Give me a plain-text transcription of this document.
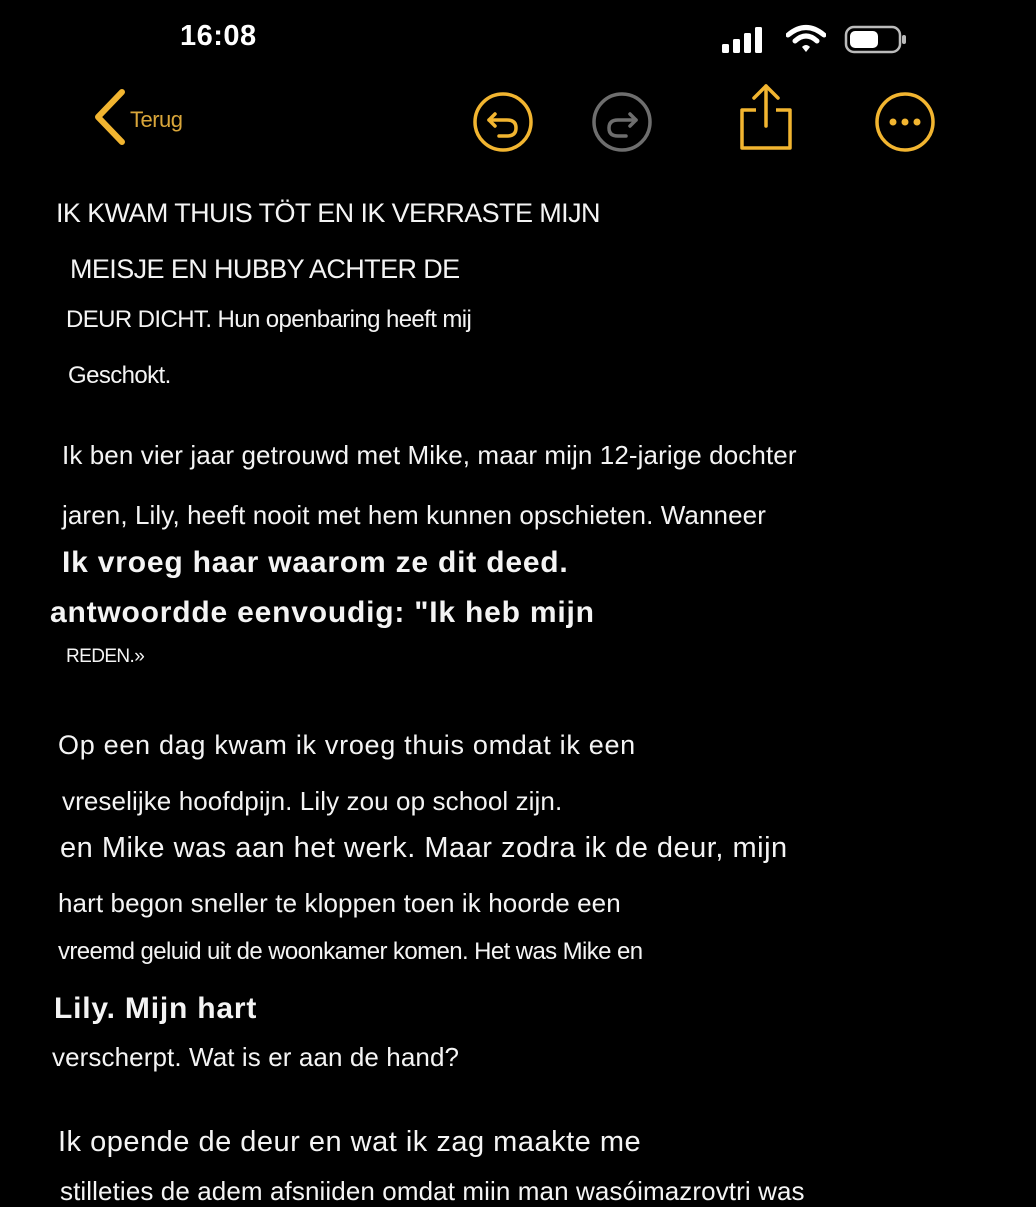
16:08
Terug
IK KWAM THUIS TÖT EN IK VERRASTE MIJN
MEISJE EN HUBBY ACHTER DE
DEUR DICHT. Hun openbaring heeft mij
Geschokt.
Ik ben vier jaar getrouwd met Mike, maar mijn 12-jarige dochter
jaren, Lily, heeft nooit met hem kunnen opschieten. Wanneer
Ik vroeg haar waarom ze dit deed.
antwoordde eenvoudig: "Ik heb mijn
REDEN.»
Op een dag kwam ik vroeg thuis omdat ik een
vreselijke hoofdpijn. Lily zou op school zijn.
en Mike was aan het werk. Maar zodra ik de deur, mijn
hart begon sneller te kloppen toen ik hoorde een
vreemd geluid uit de woonkamer komen. Het was Mike en
Lily. Mijn hart
verscherpt. Wat is er aan de hand?
Ik opende de deur en wat ik zag maakte me
stilleties de adem afsniiden omdat miin man wasóimazrovtri was
